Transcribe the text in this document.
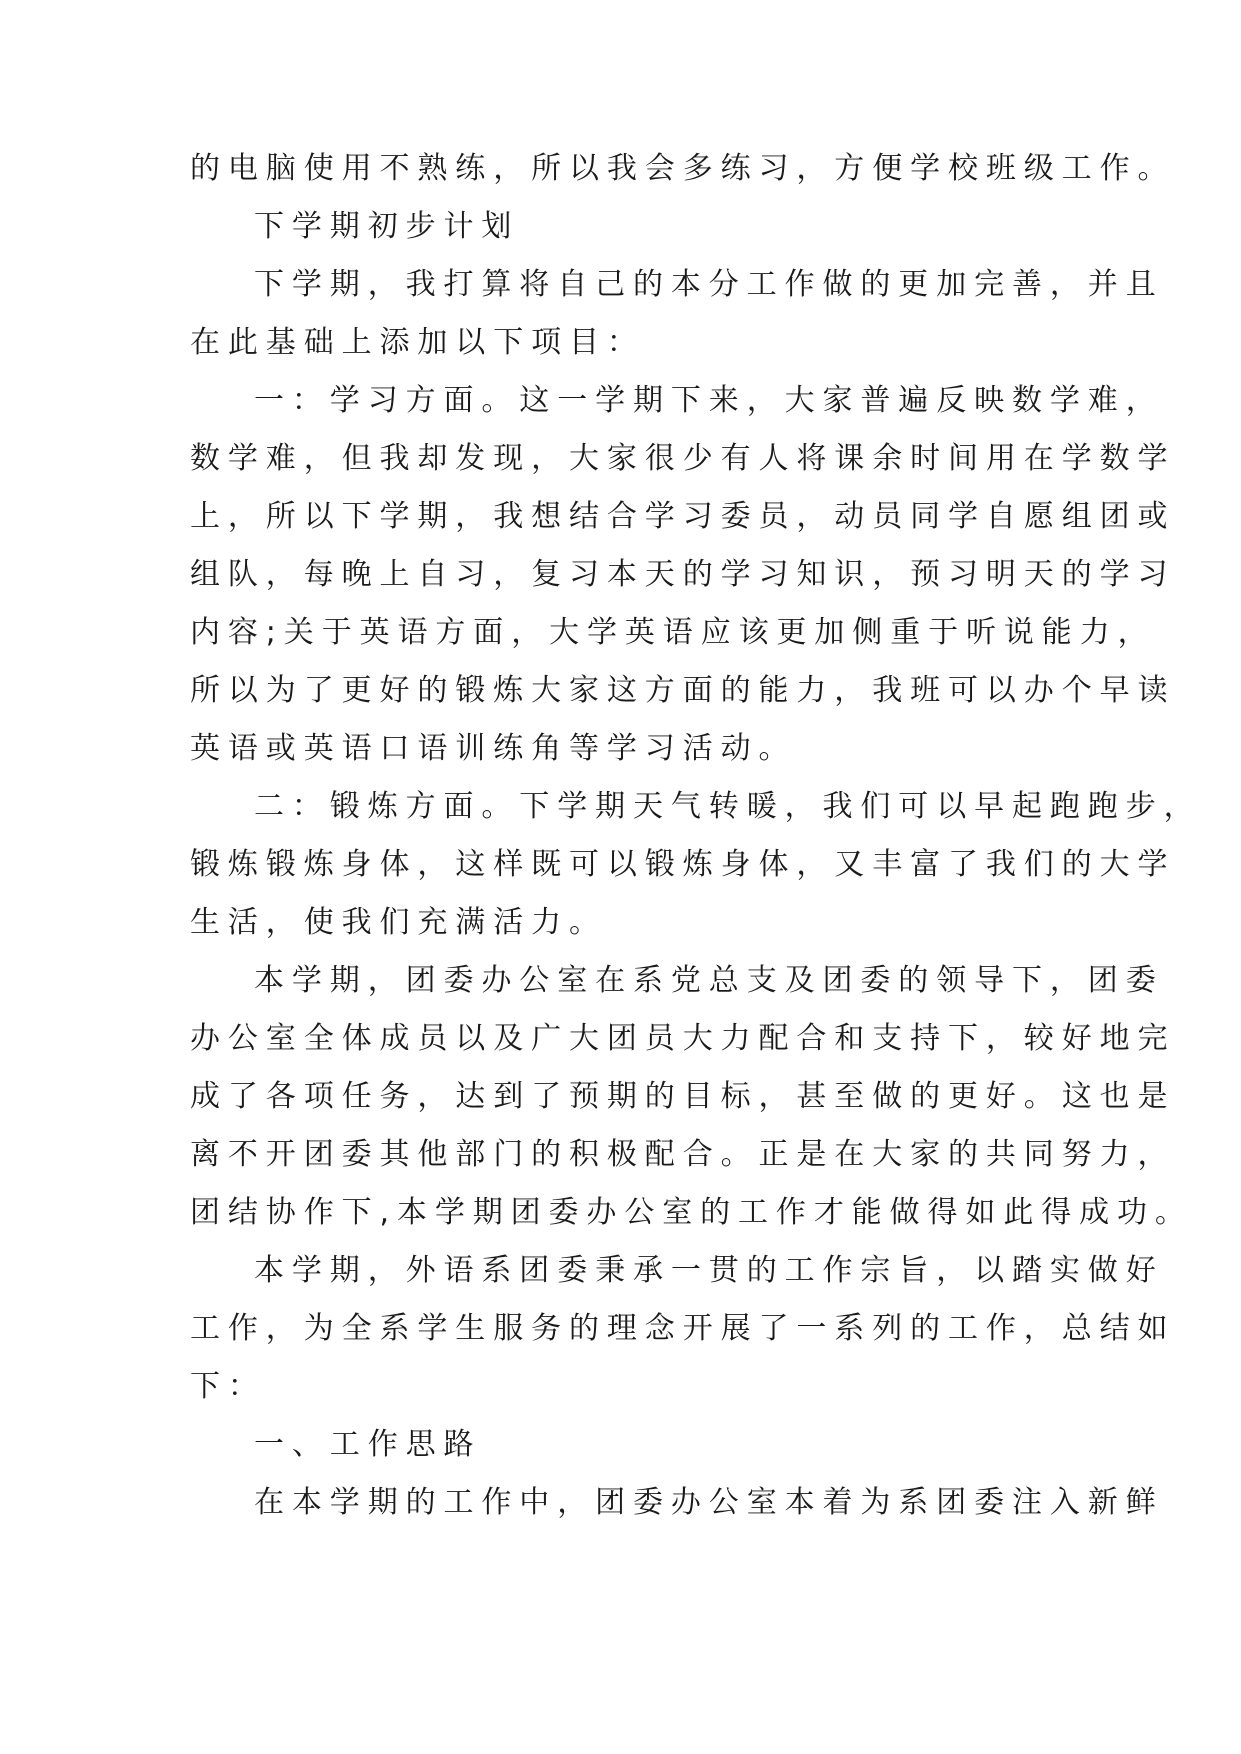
的电脑使用不熟练，所以我会多练习，方便学校班级工作。

下学期初步计划

下学期，我打算将自己的本分工作做的更加完善，并且

在此基础上添加以下项目：

一：学习方面。这一学期下来，大家普遍反映数学难，

数学难，但我却发现，大家很少有人将课余时间用在学数学

上，所以下学期，我想结合学习委员，动员同学自愿组团或

组队，每晚上自习，复习本天的学习知识，预习明天的学习

内容;关于英语方面，大学英语应该更加侧重于听说能力，

所以为了更好的锻炼大家这方面的能力，我班可以办个早读

英语或英语口语训练角等学习活动。

二：锻炼方面。下学期天气转暖，我们可以早起跑跑步，

锻炼锻炼身体，这样既可以锻炼身体，又丰富了我们的大学

生活，使我们充满活力。

本学期，团委办公室在系党总支及团委的领导下，团委

办公室全体成员以及广大团员大力配合和支持下，较好地完

成了各项任务，达到了预期的目标，甚至做的更好。这也是

离不开团委其他部门的积极配合。正是在大家的共同努力，

团结协作下,本学期团委办公室的工作才能做得如此得成功。

本学期，外语系团委秉承一贯的工作宗旨，以踏实做好

工作，为全系学生服务的理念开展了一系列的工作，总结如

下：

一、工作思路

在本学期的工作中，团委办公室本着为系团委注入新鲜
